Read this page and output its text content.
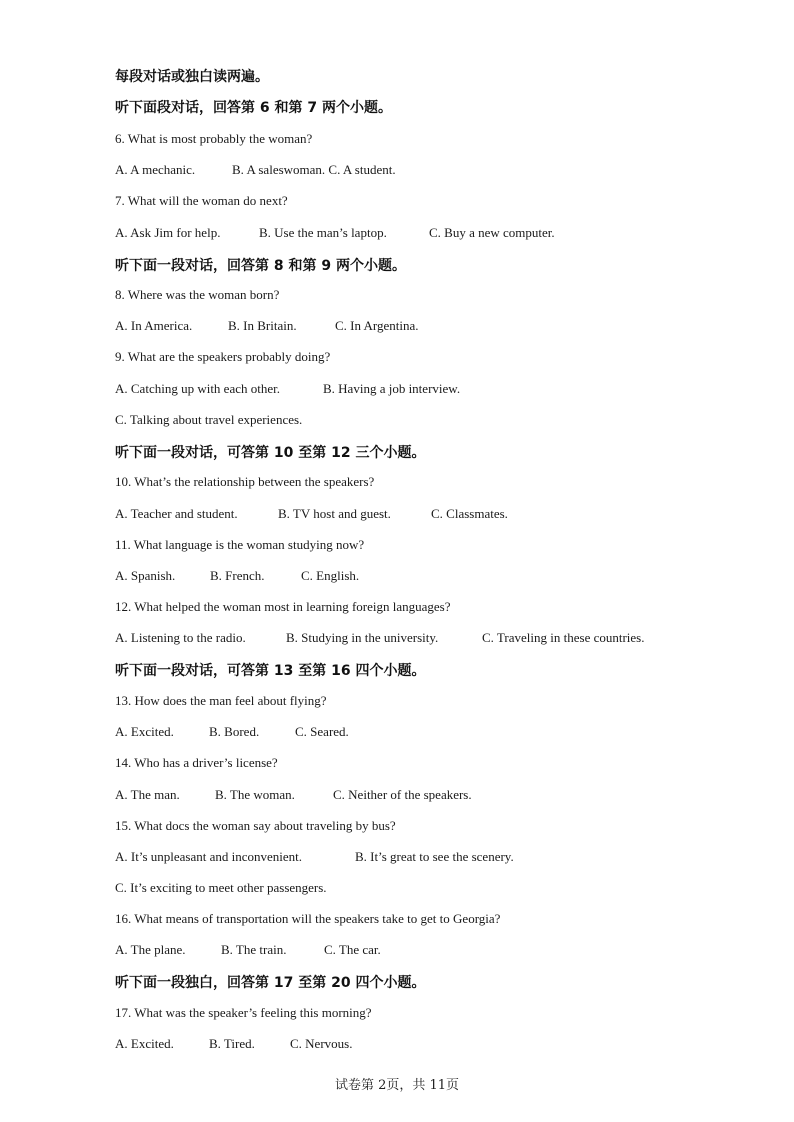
每段对话或独白读两遍。
听下面段对话，回答第 6 和第 7 两个小题。
6. What is most probably the woman?
A. A mechanic.	B. A saleswoman. C. A student.
7. What will the woman do next?
A. Ask Jim for help.	B. Use the man’s laptop.	C. Buy a new computer.
听下面一段对话，回答第 8 和第 9 两个小题。
8. Where was the woman born?
A. In America.	B. In Britain.	C. In Argentina.
9. What are the speakers probably doing?
A. Catching up with each other.	B. Having a job interview.
C. Talking about travel experiences.
听下面一段对话，可答第 10 至第 12 三个小题。
10. What’s the relationship between the speakers?
A. Teacher and student.	B. TV host and guest.	C. Classmates.
11. What language is the woman studying now?
A. Spanish.	B. French.	C. English.
12. What helped the woman most in learning foreign languages?
A. Listening to the radio.	B. Studying in the university.	C. Traveling in these countries.
听下面一段对话，可答第 13 至第 16 四个小题。
13. How does the man feel about flying?
A. Excited.	B. Bored.	C. Seared.
14. Who has a driver’s license?
A. The man.	B. The woman.	C. Neither of the speakers.
15. What docs the woman say about traveling by bus?
A. It’s unpleasant and inconvenient.	B. It’s great to see the scenery.
C. It’s exciting to meet other passengers.
16. What means of transportation will the speakers take to get to Georgia?
A. The plane.	B. The train.	C. The car.
听下面一段独白，回答第 17 至第 20 四个小题。
17. What was the speaker’s feeling this morning?
A. Excited.	B. Tired.	C. Nervous.
试卷第 2页，共 11页
